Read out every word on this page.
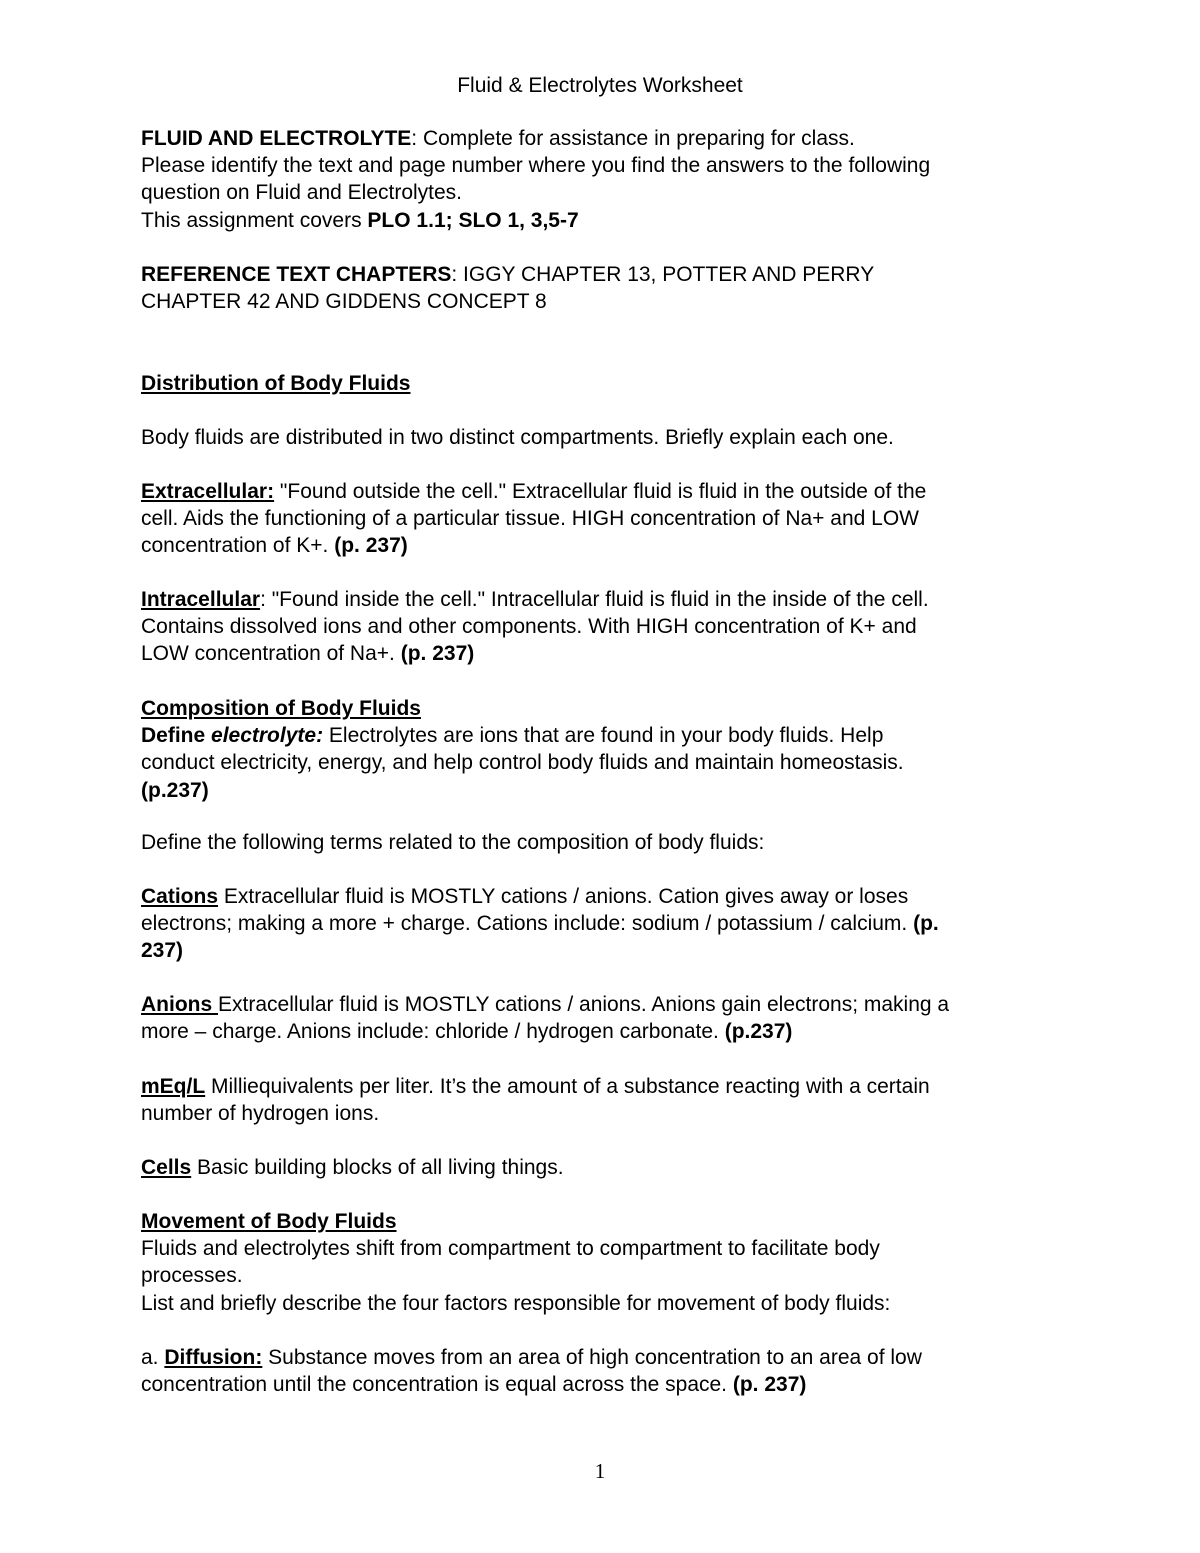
Fluid & Electrolytes Worksheet
FLUID AND ELECTROLYTE: Complete for assistance in preparing for class.
Please identify the text and page number where you find the answers to the following
question on Fluid and Electrolytes.
This assignment covers PLO 1.1; SLO 1, 3,5-7
REFERENCE TEXT CHAPTERS: IGGY CHAPTER 13, POTTER AND PERRY
CHAPTER 42 AND GIDDENS CONCEPT 8
Distribution of Body Fluids
Body fluids are distributed in two distinct compartments. Briefly explain each one.
Extracellular: "Found outside the cell." Extracellular fluid is fluid in the outside of the
cell. Aids the functioning of a particular tissue. HIGH concentration of Na+ and LOW
concentration of K+. (p. 237)
Intracellular: "Found inside the cell." Intracellular fluid is fluid in the inside of the cell.
Contains dissolved ions and other components. With HIGH concentration of K+ and
LOW concentration of Na+. (p. 237)
Composition of Body Fluids
Define electrolyte: Electrolytes are ions that are found in your body fluids. Help
conduct electricity, energy, and help control body fluids and maintain homeostasis.
(p.237)
Define the following terms related to the composition of body fluids:
Cations Extracellular fluid is MOSTLY cations / anions. Cation gives away or loses
electrons; making a more + charge. Cations include: sodium / potassium / calcium. (p.
237)
Anions Extracellular fluid is MOSTLY cations / anions. Anions gain electrons; making a
more – charge. Anions include: chloride / hydrogen carbonate. (p.237)
mEq/L Milliequivalents per liter. It’s the amount of a substance reacting with a certain
number of hydrogen ions.
Cells Basic building blocks of all living things.
Movement of Body Fluids
Fluids and electrolytes shift from compartment to compartment to facilitate body
processes.
List and briefly describe the four factors responsible for movement of body fluids:
a. Diffusion: Substance moves from an area of high concentration to an area of low
concentration until the concentration is equal across the space. (p. 237)
1
